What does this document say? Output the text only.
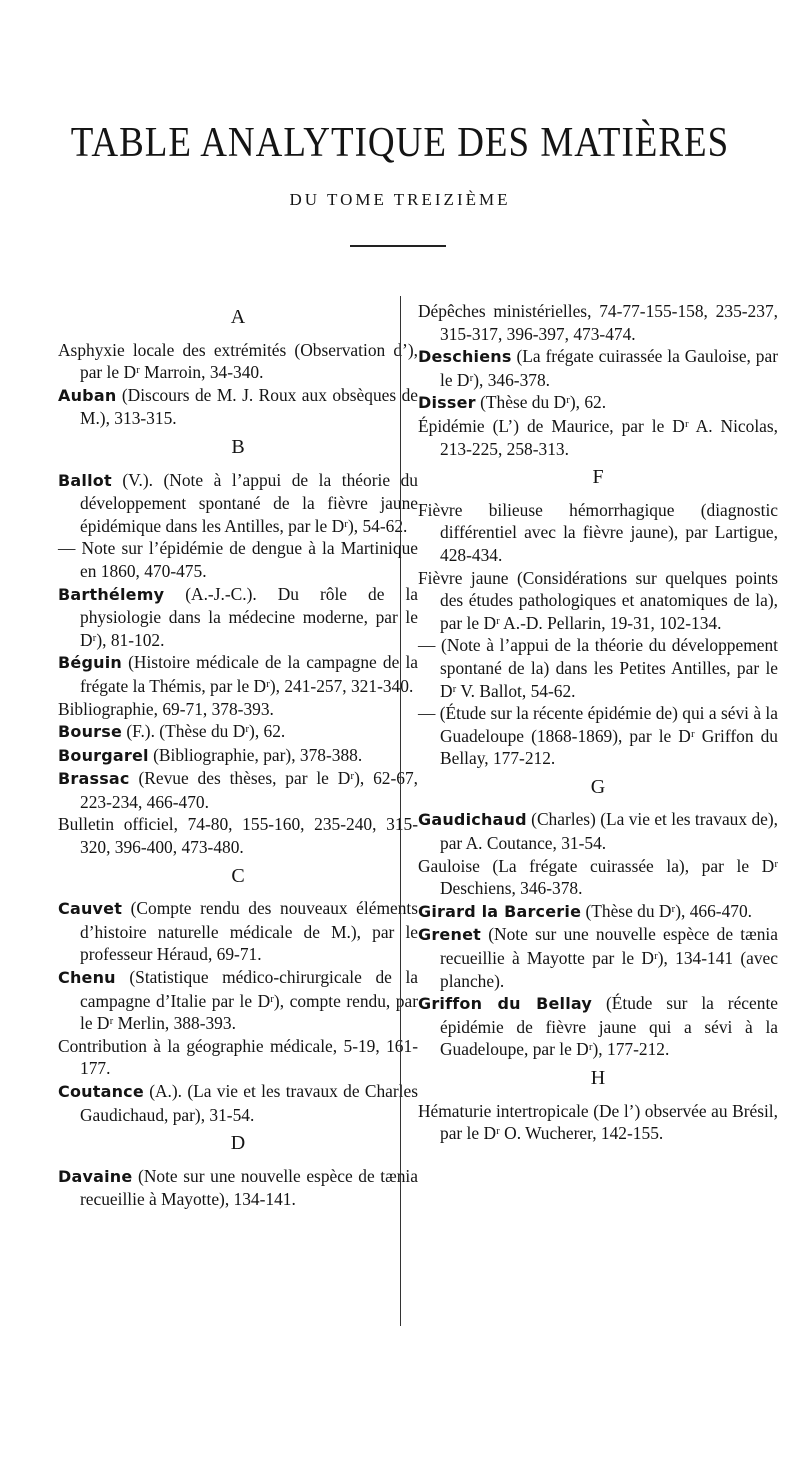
TABLE ANALYTIQUE DES MATIÈRES
DU TOME TREIZIÈME
A

Asphyxie locale des extrémités (Observation d’), par le Dʳ Marroin, 34-340.

Auban (Discours de M. J. Roux aux obsèques de M.), 313-315.

B

Ballot (V.). (Note à l’appui de la théorie du développement spontané de la fièvre jaune épidémique dans les Antilles, par le Dʳ), 54-62.

— Note sur l’épidémie de dengue à la Martinique en 1860, 470-475.

Barthélemy (A.-J.-C.). Du rôle de la physiologie dans la médecine moderne, par le Dʳ), 81-102.

Béguin (Histoire médicale de la campagne de la frégate la Thémis, par le Dʳ), 241-257, 321-340.

Bibliographie, 69-71, 378-393.

Bourse (F.). (Thèse du Dʳ), 62.

Bourgarel (Bibliographie, par), 378-388.

Brassac (Revue des thèses, par le Dʳ), 62-67, 223-234, 466-470.

Bulletin officiel, 74-80, 155-160, 235-240, 315-320, 396-400, 473-480.

C

Cauvet (Compte rendu des nouveaux éléments d’histoire naturelle médicale de M.), par le professeur Héraud, 69-71.

Chenu (Statistique médico-chirurgicale de la campagne d’Italie par le Dʳ), compte rendu, par le Dʳ Merlin, 388-393.

Contribution à la géographie médicale, 5-19, 161-177.

Coutance (A.). (La vie et les travaux de Charles Gaudichaud, par), 31-54.

D

Davaine (Note sur une nouvelle espèce de tænia recueillie à Mayotte), 134-141.

Dépêches ministérielles, 74-77-155-158, 235-237, 315-317, 396-397, 473-474.

Deschiens (La frégate cuirassée la Gauloise, par le Dʳ), 346-378.

Disser (Thèse du Dʳ), 62.

Épidémie (L’) de Maurice, par le Dʳ A. Nicolas, 213-225, 258-313.

F

Fièvre bilieuse hémorrhagique (diagnostic différentiel avec la fièvre jaune), par Lartigue, 428-434.

Fièvre jaune (Considérations sur quelques points des études pathologiques et anatomiques de la), par le Dʳ A.-D. Pellarin, 19-31, 102-134.

— (Note à l’appui de la théorie du développement spontané de la) dans les Petites Antilles, par le Dʳ V. Ballot, 54-62.

— (Étude sur la récente épidémie de) qui a sévi à la Guadeloupe (1868-1869), par le Dʳ Griffon du Bellay, 177-212.

G

Gaudichaud (Charles) (La vie et les travaux de), par A. Coutance, 31-54.

Gauloise (La frégate cuirassée la), par le Dʳ Deschiens, 346-378.

Girard la Barcerie (Thèse du Dʳ), 466-470.

Grenet (Note sur une nouvelle espèce de tænia recueillie à Mayotte par le Dʳ), 134-141 (avec planche).

Griffon du Bellay (Étude sur la récente épidémie de fièvre jaune qui a sévi à la Guadeloupe, par le Dʳ), 177-212.

H

Hématurie intertropicale (De l’) observée au Brésil, par le Dʳ O. Wucherer, 142-155.
